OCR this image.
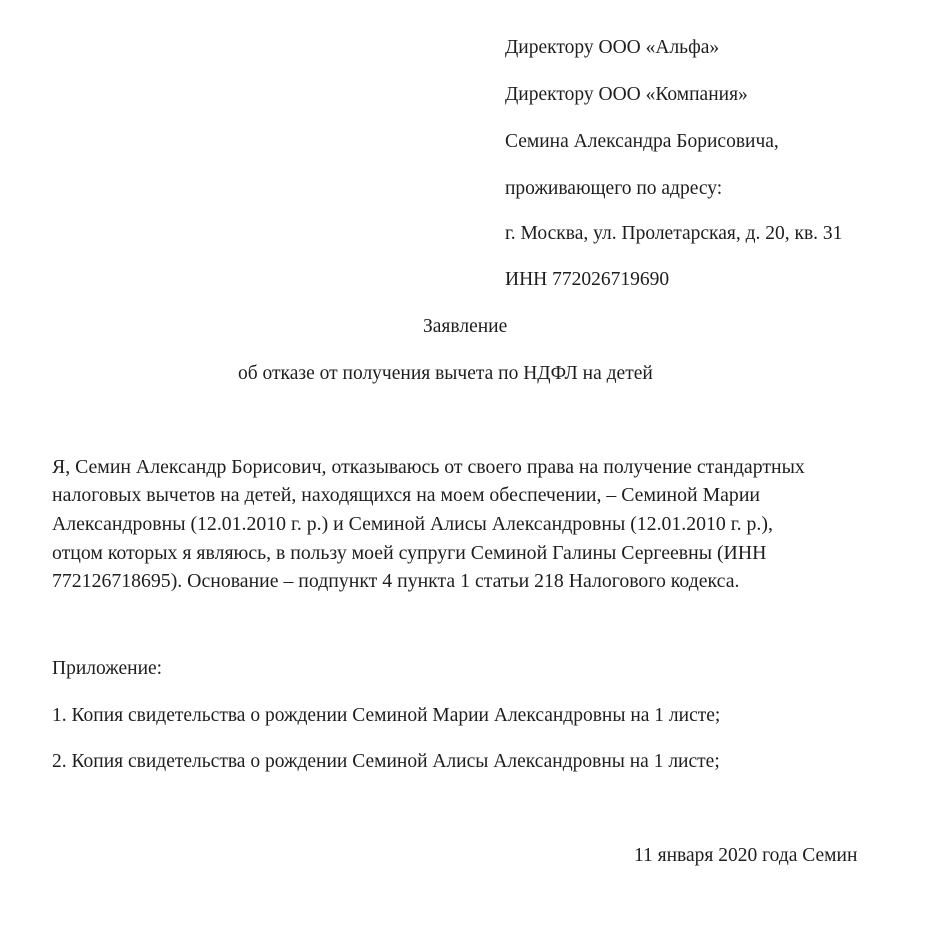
Директору ООО «Альфа»
Директору ООО «Компания»
Семина Александра Борисовича,
проживающего по адресу:
г. Москва, ул. Пролетарская, д. 20, кв. 31
ИНН 772026719690
Заявление
об отказе от получения вычета по НДФЛ на детей
Я, Семин Александр Борисович, отказываюсь от своего права на получение стандартных
налоговых вычетов на детей, находящихся на моем обеспечении, – Семиной Марии
Александровны (12.01.2010 г. р.) и Семиной Алисы Александровны (12.01.2010 г. р.),
отцом которых я являюсь, в пользу моей супруги Семиной Галины Сергеевны (ИНН
772126718695). Основание – подпункт 4 пункта 1 статьи 218 Налогового кодекса.
Приложение:
1. Копия свидетельства о рождении Семиной Марии Александровны на 1 листе;
2. Копия свидетельства о рождении Семиной Алисы Александровны на 1 листе;
11 января 2020 года Семин
